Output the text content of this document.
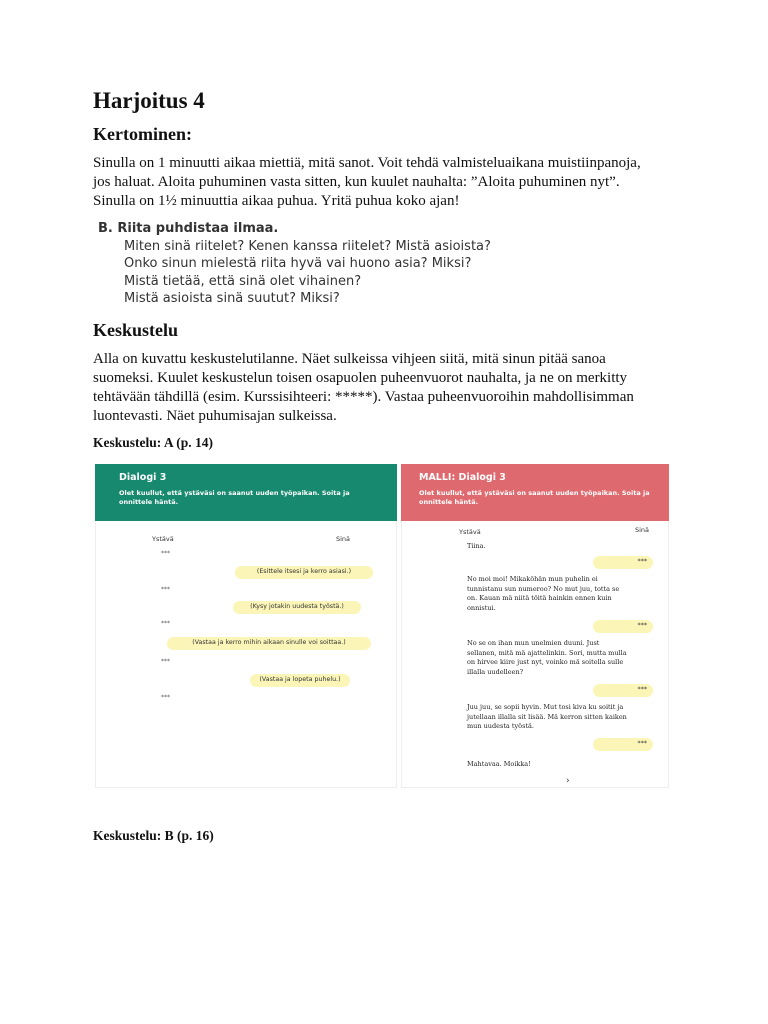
Harjoitus 4
Kertominen:
Sinulla on 1 minuutti aikaa miettiä, mitä sanot. Voit tehdä valmisteluaikana muistiinpanoja,
jos haluat. Aloita puhuminen vasta sitten, kun kuulet nauhalta: ”Aloita puhuminen nyt”.
Sinulla on 1½ minuuttia aikaa puhua. Yritä puhua koko ajan!
B. Riita puhdistaa ilmaa.
Miten sinä riitelet? Kenen kanssa riitelet? Mistä asioista?
Onko sinun mielestä riita hyvä vai huono asia? Miksi?
Mistä tietää, että sinä olet vihainen?
Mistä asioista sinä suutut? Miksi?
Keskustelu
Alla on kuvattu keskustelutilanne. Näet sulkeissa vihjeen siitä, mitä sinun pitää sanoa
suomeksi. Kuulet keskustelun toisen osapuolen puheenvuorot nauhalta, ja ne on merkitty
tehtävään tähdillä (esim. Kurssisihteeri: *****). Vastaa puheenvuoroihin mahdollisimman
luontevasti. Näet puhumisajan sulkeissa.
Keskustelu: A (p. 14)
Dialogi 3
Olet kuullut, että ystäväsi on saanut uuden työpaikan. Soita ja onnittele häntä.
Ystävä	Sinä
***
(Esittele itsesi ja kerro asiasi.)
***
(Kysy jotakin uudesta työstä.)
***
(Vastaa ja kerro mihin aikaan sinulle voi soittaa.)
***
(Vastaa ja lopeta puhelu.)
***
MALLI: Dialogi 3
Olet kuullut, että ystäväsi on saanut uuden työpaikan. Soita ja onnittele häntä.
Ystävä	Sinä
Tiina.
***
No moi moi! Mikaköhän mun puhelin ei
tunnistanu sun numeroo? No mut juu, totta se
on. Kauan mä niitä töitä hainkin ennen kuin
onnistui.
***
No se on ihan mun unelmien duuni. Just
sellanen, mitä mä ajattelinkin. Sori, mutta mulla
on hirvee kiire just nyt, voinko mä soitella sulle
illalla uudelleen?
***
Juu juu, se sopii hyvin. Mut tosi kiva ku soitit ja
jutellaan illalla sit lisää. Mä kerron sitten kaiken
mun uudesta työstä.
***
Mahtavaa. Moikka!
›
Keskustelu: B (p. 16)
